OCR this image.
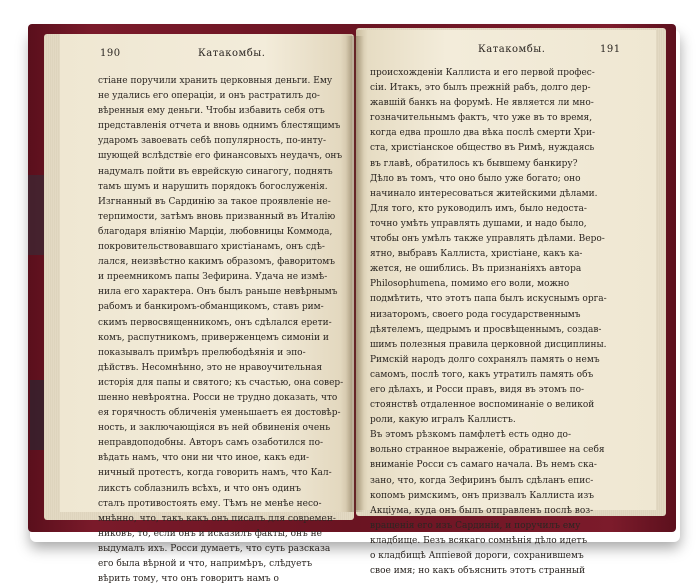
190	Катакомбы.
стiане поручили хранить церковныя деньги. Ему
не удались его операцiи, и онъ растратилъ до-
вѣренныя ему деньги. Чтобы избавить себя отъ
представленiя отчета и вновь однимъ блестящимъ
ударомъ завоевать себѣ популярность, по-инту-
шующей вслѣдствiе его финансовыхъ неудачъ, онъ
надумалъ пойти въ еврейскую синагогу, поднять
тамъ шумъ и нарушить порядокъ богослуженiя.
Изгнанный въ Сардинiю за такое проявленiе не-
терпимости, затѣмъ вновь призванный въ Италiю
благодаря влiянiю Марцiи, любовницы Коммода,
покровительствовавшаго христiанамъ, онъ сдѣ-
лался, неизвѣстно какимъ образомъ, фаворитомъ
и преемникомъ папы Зефирина. Удача не измѣ-
нила его характера. Онъ былъ раньше невѣрнымъ
рабомъ и банкиромъ-обманщикомъ, ставъ рим-
скимъ первосвященникомъ, онъ сдѣлался ерети-
комъ, распутникомъ, приверженцемъ симонiи и
показывалъ примѣръ прелюбодѣянiя и эпо-
дѣйствъ. Несомнѣнно, это не нравоучительная
исторiя для папы и святого; къ счастью, она совер-
шенно невѣроятна. Росси не трудно доказать, что
ея горячность обличенiя уменьшаетъ ея достовѣр-
ность, и заключающiяся въ ней обвиненiя очень
неправдоподобны. Авторъ самъ озаботился по-
вѣдать намъ, что они ни что иное, какъ еди-
ничный протестъ, когда говорить намъ, что Кал-
ликстъ соблазнилъ всѣхъ, и что онъ одинъ
сталъ противостоять ему. Тѣмъ не менѣе несо-
мнѣнно, что, такъ какъ онъ писалъ для современ-
никовъ, то, если онъ и исказилъ факты, онъ не
выдумалъ ихъ. Росси думаетъ, что суть разсказа
его была вѣрной и что, напримѣръ, слѣдуетъ
вѣрить тому, что онъ говоритъ намъ о
Катакомбы.	191
происхожденiи Каллиста и его первой профес-
сiи. Итакъ, это былъ прежнiй рабъ, долго дер-
жавшiй банкъ на форумѣ. Не является ли мно-
гозначительнымъ фактъ, что уже въ то время,
когда едва прошло два вѣка послѣ смерти Хри-
ста, христiанское общество въ Римѣ, нуждаясь
въ главѣ, обратилось къ бывшему банкиру?
Дѣло въ томъ, что оно было уже богато; оно
начинало интересоваться житейскими дѣлами.
Для того, кто руководилъ имъ, было недоста-
точно умѣть управлять душами, и надо было,
чтобы онъ умѣлъ также управлять дѣлами. Веро-
ятно, выбравъ Каллиста, христiане, какъ ка-
жется, не ошиблись. Въ признанiяхъ автора
Philosophumena, помимо его воли, можно
подмѣтить, что этотъ папа былъ искуснымъ орга-
низаторомъ, своего рода государственнымъ
дѣятелемъ, щедрымъ и просвѣщеннымъ, создав-
шимъ полезныя правила церковной дисциплины.
Римскiй народъ долго сохранялъ память о немъ
самомъ, послѣ того, какъ утратилъ память объ
его дѣлахъ, и Росси правъ, видя въ этомъ по-
стоянствѣ отдаленное воспоминанiе о великой
роли, какую игралъ Каллистъ.
Въ этомъ рѣзкомъ памфлетѣ есть одно до-
вольно странное выраженiе, обратившее на себя
вниманiе Росси съ самаго начала. Въ немъ ска-
зано, что, когда Зефиринъ былъ сдѣланъ епис-
копомъ римскимъ, онъ призвалъ Каллиста изъ
Акцiума, куда онъ былъ отправленъ послѣ воз-
вращенiя его изъ Сардинiи, и поручилъ ему
кладбище. Безъ всякаго сомнѣнiя дѣло идетъ
о кладбищѣ Аппiевой дороги, сохранившемъ
свое имя; но какъ объяснить этотъ странный
